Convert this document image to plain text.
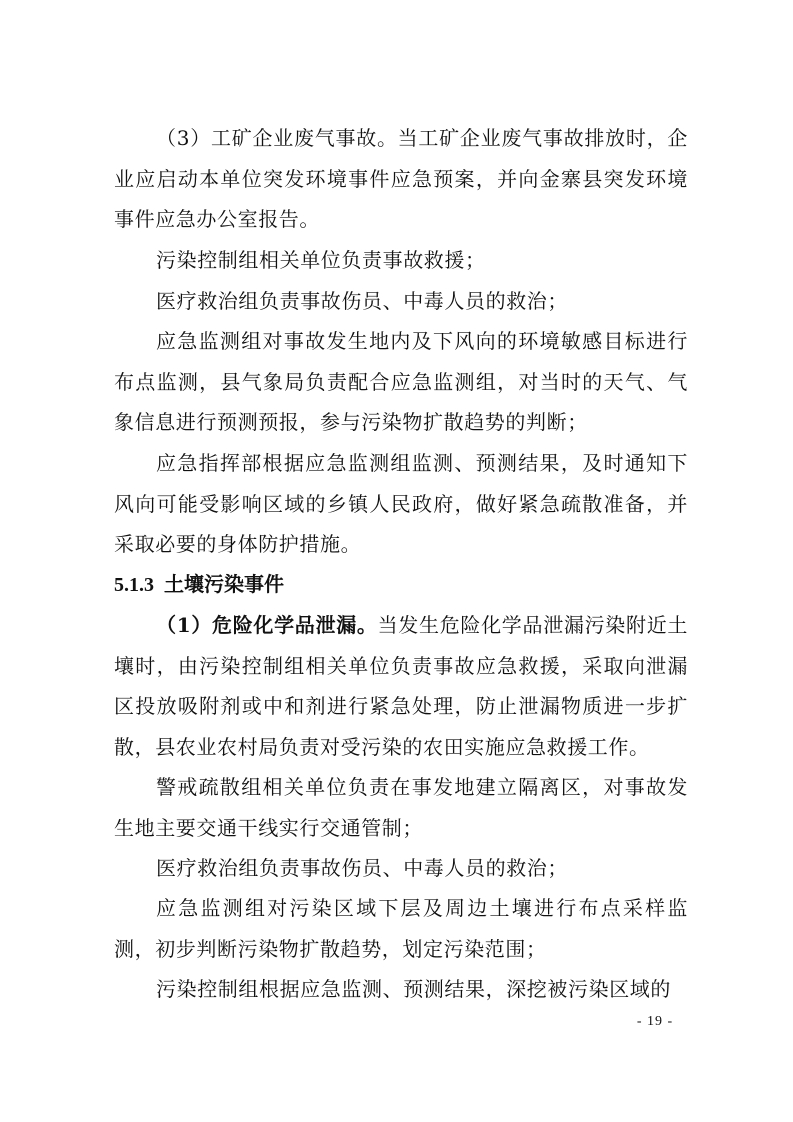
（3）工矿企业废气事故。当工矿企业废气事故排放时，企业应启动本单位突发环境事件应急预案，并向金寨县突发环境事件应急办公室报告。

污染控制组相关单位负责事故救援；

医疗救治组负责事故伤员、中毒人员的救治；

应急监测组对事故发生地内及下风向的环境敏感目标进行布点监测，县气象局负责配合应急监测组，对当时的天气、气象信息进行预测预报，参与污染物扩散趋势的判断；

应急指挥部根据应急监测组监测、预测结果，及时通知下风向可能受影响区域的乡镇人民政府，做好紧急疏散准备，并采取必要的身体防护措施。

5.1.3 土壤污染事件

（1）危险化学品泄漏。当发生危险化学品泄漏污染附近土壤时，由污染控制组相关单位负责事故应急救援，采取向泄漏区投放吸附剂或中和剂进行紧急处理，防止泄漏物质进一步扩散，县农业农村局负责对受污染的农田实施应急救援工作。

警戒疏散组相关单位负责在事发地建立隔离区，对事故发生地主要交通干线实行交通管制；

医疗救治组负责事故伤员、中毒人员的救治；

应急监测组对污染区域下层及周边土壤进行布点采样监测，初步判断污染物扩散趋势，划定污染范围；

污染控制组根据应急监测、预测结果，深挖被污染区域的

- 19 -
